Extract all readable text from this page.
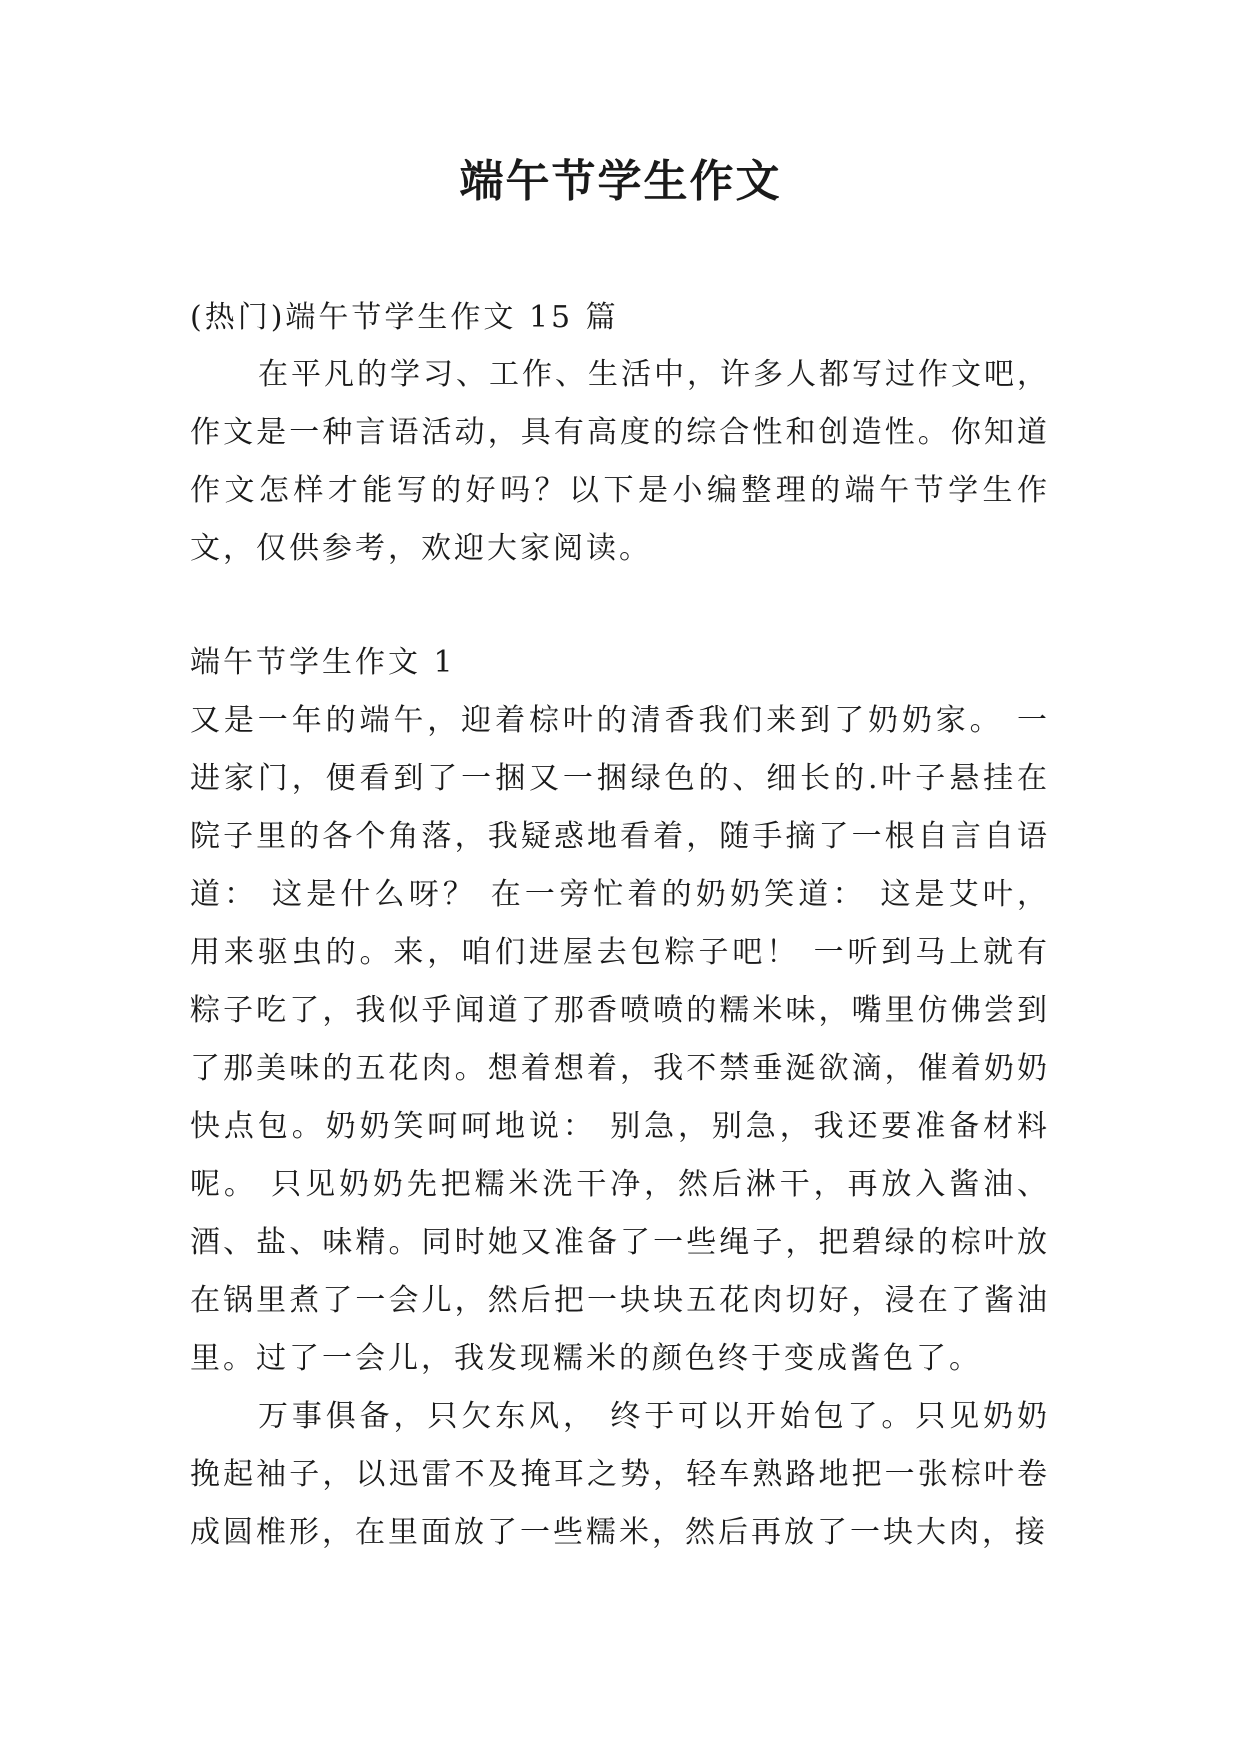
端午节学生作文
(热门)端午节学生作文 15 篇

在平凡的学习、工作、生活中，许多人都写过作文吧，作文是一种言语活动，具有高度的综合性和创造性。你知道作文怎样才能写的好吗？以下是小编整理的端午节学生作文，仅供参考，欢迎大家阅读。

端午节学生作文 1

又是一年的端午，迎着棕叶的清香我们来到了奶奶家。 一进家门，便看到了一捆又一捆绿色的、细长的.叶子悬挂在院子里的各个角落，我疑惑地看着，随手摘了一根自言自语道： 这是什么呀？ 在一旁忙着的奶奶笑道： 这是艾叶，用来驱虫的。来，咱们进屋去包粽子吧！ 一听到马上就有粽子吃了，我似乎闻道了那香喷喷的糯米味，嘴里仿佛尝到了那美味的五花肉。想着想着，我不禁垂涎欲滴，催着奶奶快点包。奶奶笑呵呵地说： 别急，别急，我还要准备材料呢。 只见奶奶先把糯米洗干净，然后淋干，再放入酱油、酒、盐、味精。同时她又准备了一些绳子，把碧绿的棕叶放在锅里煮了一会儿，然后把一块块五花肉切好，浸在了酱油里。过了一会儿，我发现糯米的颜色终于变成酱色了。

万事俱备，只欠东风， 终于可以开始包了。只见奶奶挽起袖子，以迅雷不及掩耳之势，轻车熟路地把一张棕叶卷成圆椎形，在里面放了一些糯米，然后再放了一块大肉，接
